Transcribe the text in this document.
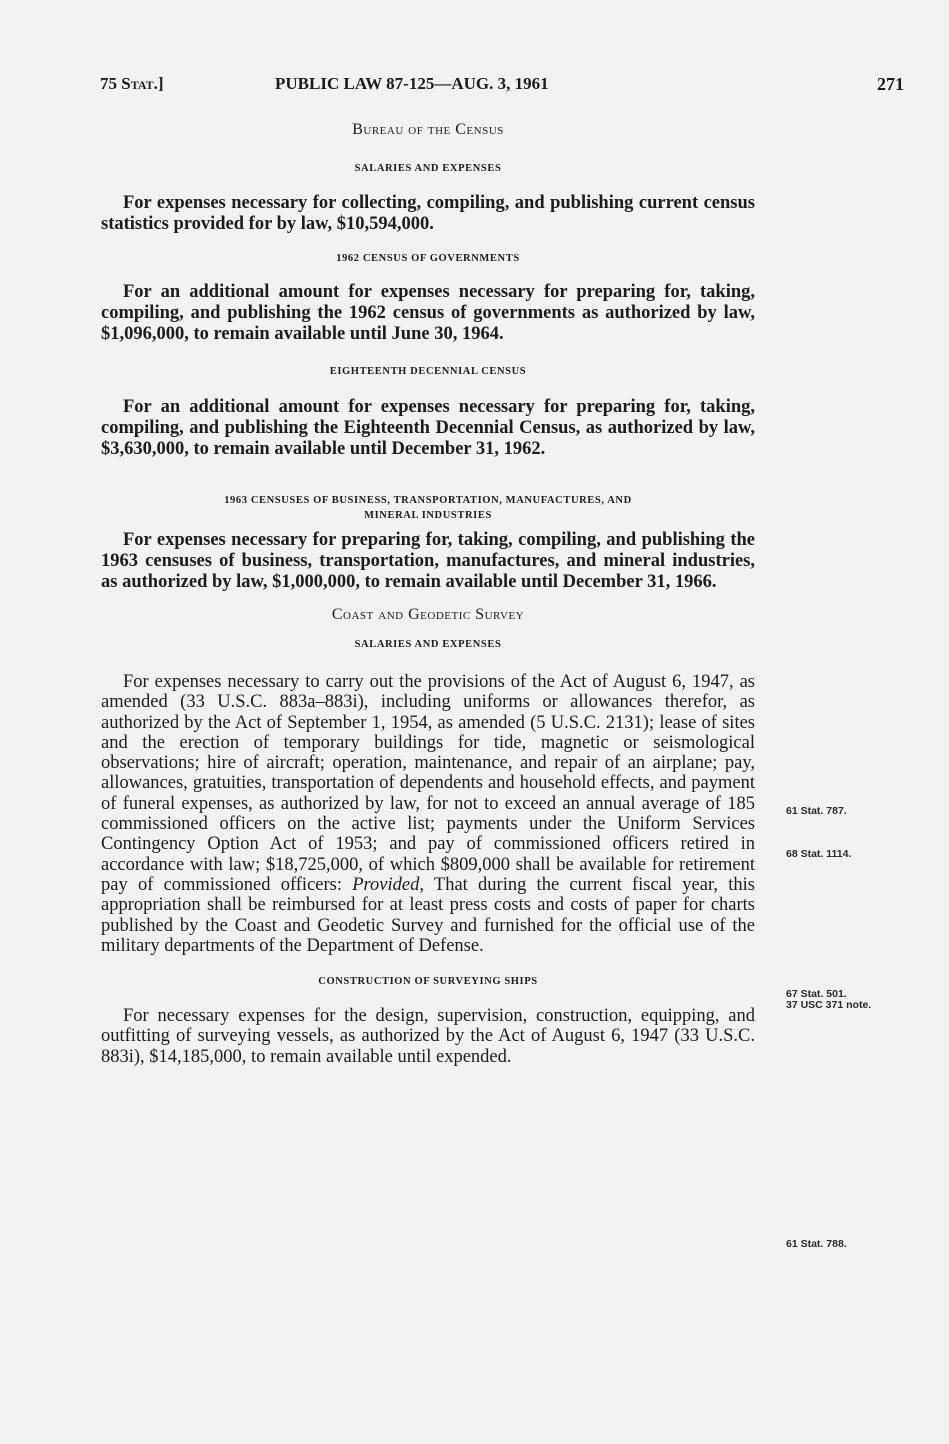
75 Stat.]	PUBLIC LAW 87-125—AUG. 3, 1961	271

Bureau of the Census

SALARIES AND EXPENSES

For expenses necessary for collecting, compiling, and publishing current census statistics provided for by law, $10,594,000.

1962 CENSUS OF GOVERNMENTS

For an additional amount for expenses necessary for preparing for, taking, compiling, and publishing the 1962 census of governments as authorized by law, $1,096,000, to remain available until June 30, 1964.

EIGHTEENTH DECENNIAL CENSUS

For an additional amount for expenses necessary for preparing for, taking, compiling, and publishing the Eighteenth Decennial Census, as authorized by law, $3,630,000, to remain available until December 31, 1962.

1963 CENSUSES OF BUSINESS, TRANSPORTATION, MANUFACTURES, AND

MINERAL INDUSTRIES

For expenses necessary for preparing for, taking, compiling, and publishing the 1963 censuses of business, transportation, manufactures, and mineral industries, as authorized by law, $1,000,000, to remain available until December 31, 1966.

Coast and Geodetic Survey

SALARIES AND EXPENSES

For expenses necessary to carry out the provisions of the Act of August 6, 1947, as amended (33 U.S.C. 883a–883i), including uniforms or allowances therefor, as authorized by the Act of September 1, 1954, as amended (5 U.S.C. 2131); lease of sites and the erection of temporary buildings for tide, magnetic or seismological observations; hire of aircraft; operation, maintenance, and repair of an airplane; pay, allowances, gratuities, transportation of dependents and household effects, and payment of funeral expenses, as authorized by law, for not to exceed an annual average of 185 commissioned officers on the active list; payments under the Uniform Services Contingency Option Act of 1953; and pay of commissioned officers retired in accordance with law; $18,725,000, of which $809,000 shall be available for retirement pay of commissioned officers: Provided, That during the current fiscal year, this appropriation shall be reimbursed for at least press costs and costs of paper for charts published by the Coast and Geodetic Survey and furnished for the official use of the military departments of the Department of Defense.

CONSTRUCTION OF SURVEYING SHIPS

For necessary expenses for the design, supervision, construction, equipping, and outfitting of surveying vessels, as authorized by the Act of August 6, 1947 (33 U.S.C. 883i), $14,185,000, to remain available until expended.

61 Stat. 787.
68 Stat. 1114.
67 Stat. 501.
37 USC 371 note.
61 Stat. 788.
